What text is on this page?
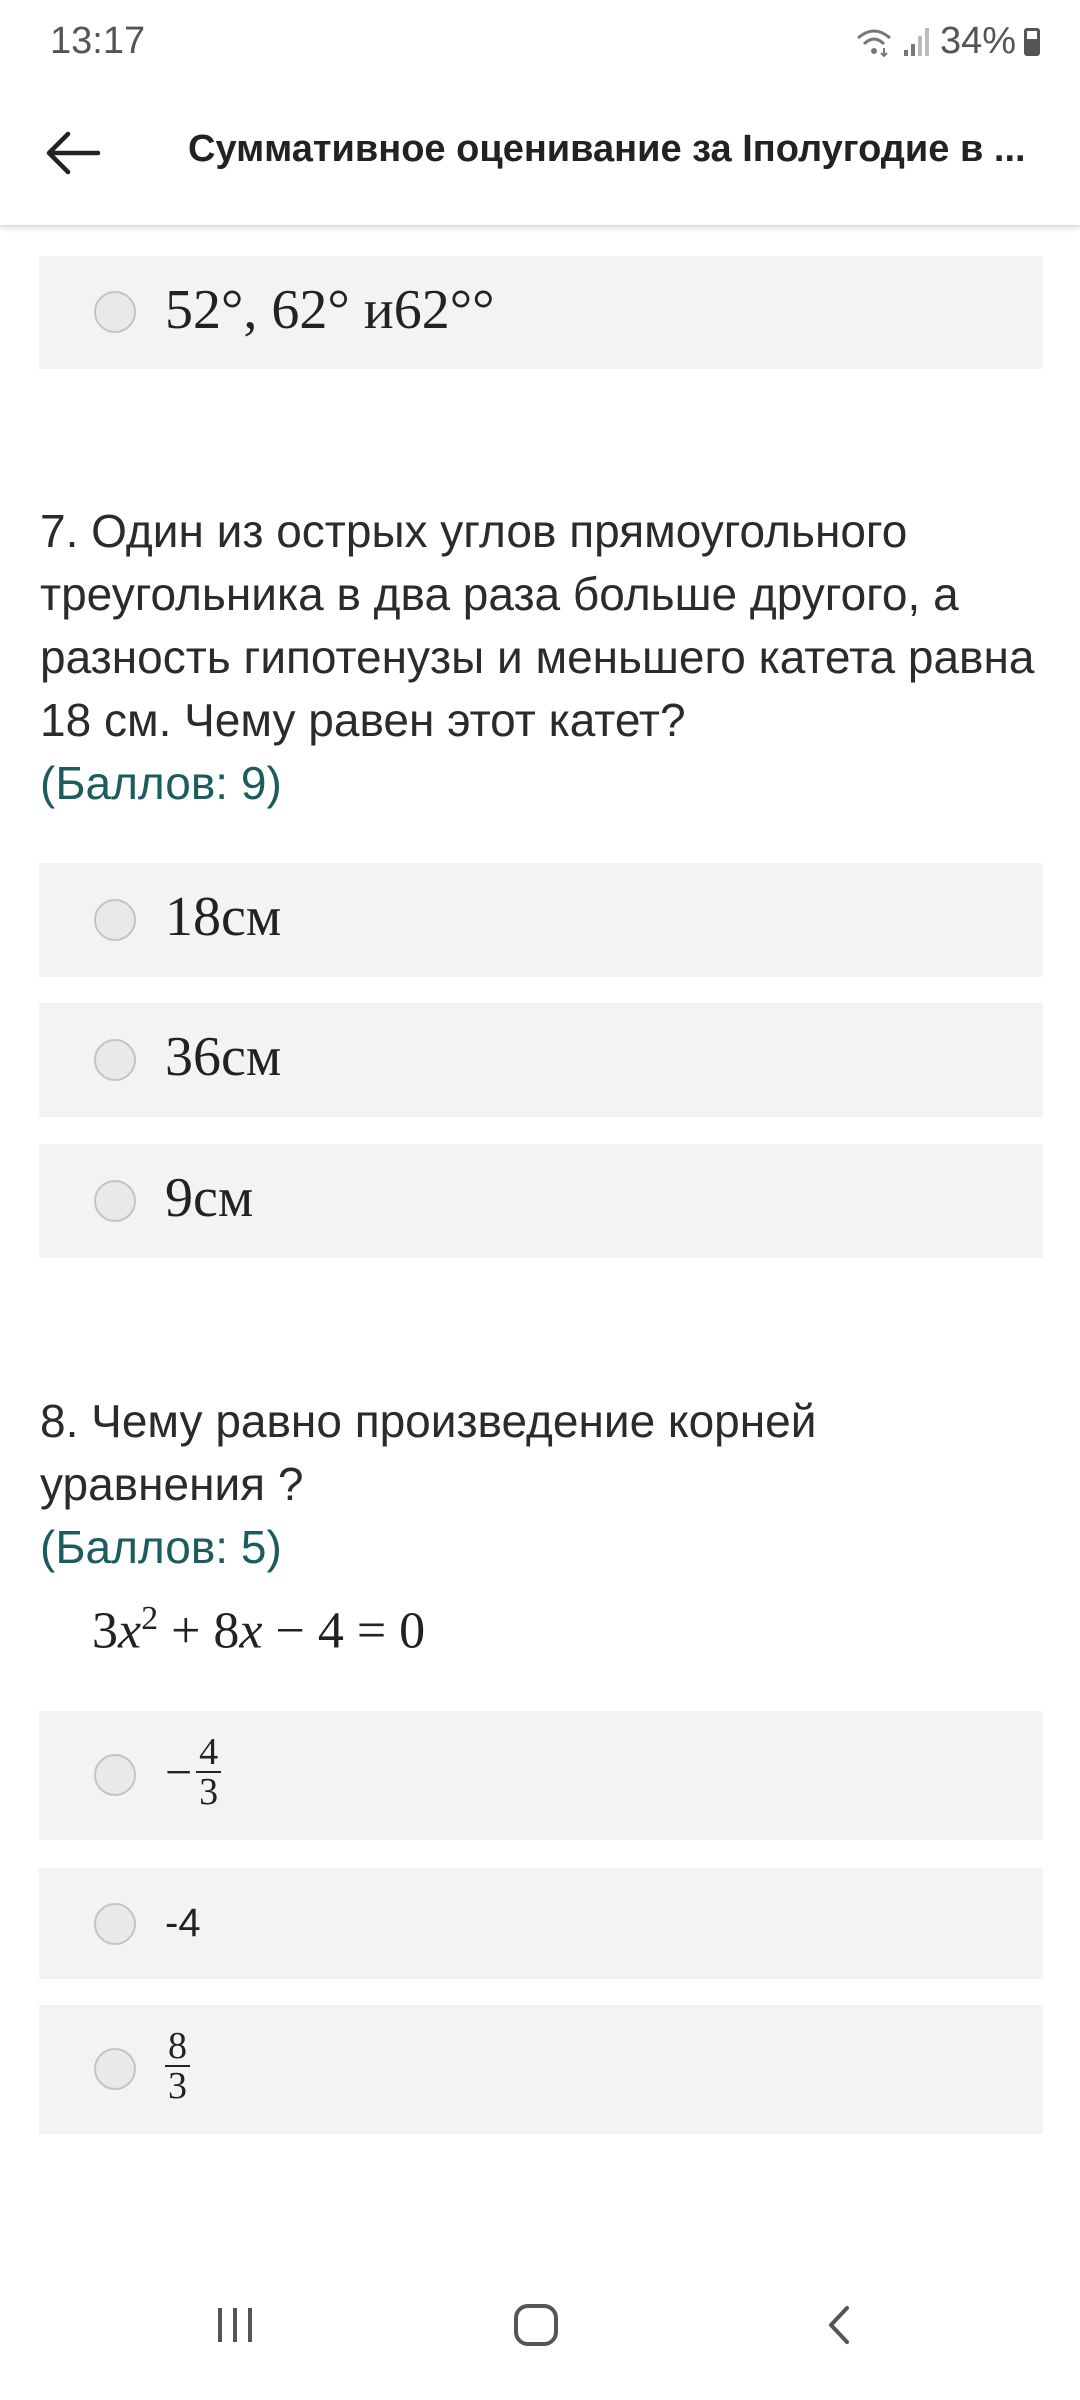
13:17	34%
Суммативное оценивание за Iполугодие в ...
52°, 62° и62°°
7. Один из острых углов прямоугольного треугольника в два раза больше другого, а разность гипотенузы и меньшего катета равна 18 см. Чему равен этот катет?
(Баллов: 9)
18см
36см
9см
8. Чему равно произведение корней уравнения ?
(Баллов: 5)
$3x^2 + 8x - 4 = 0$
− $\frac{4}{3}$
-4
$\frac{8}{3}$
